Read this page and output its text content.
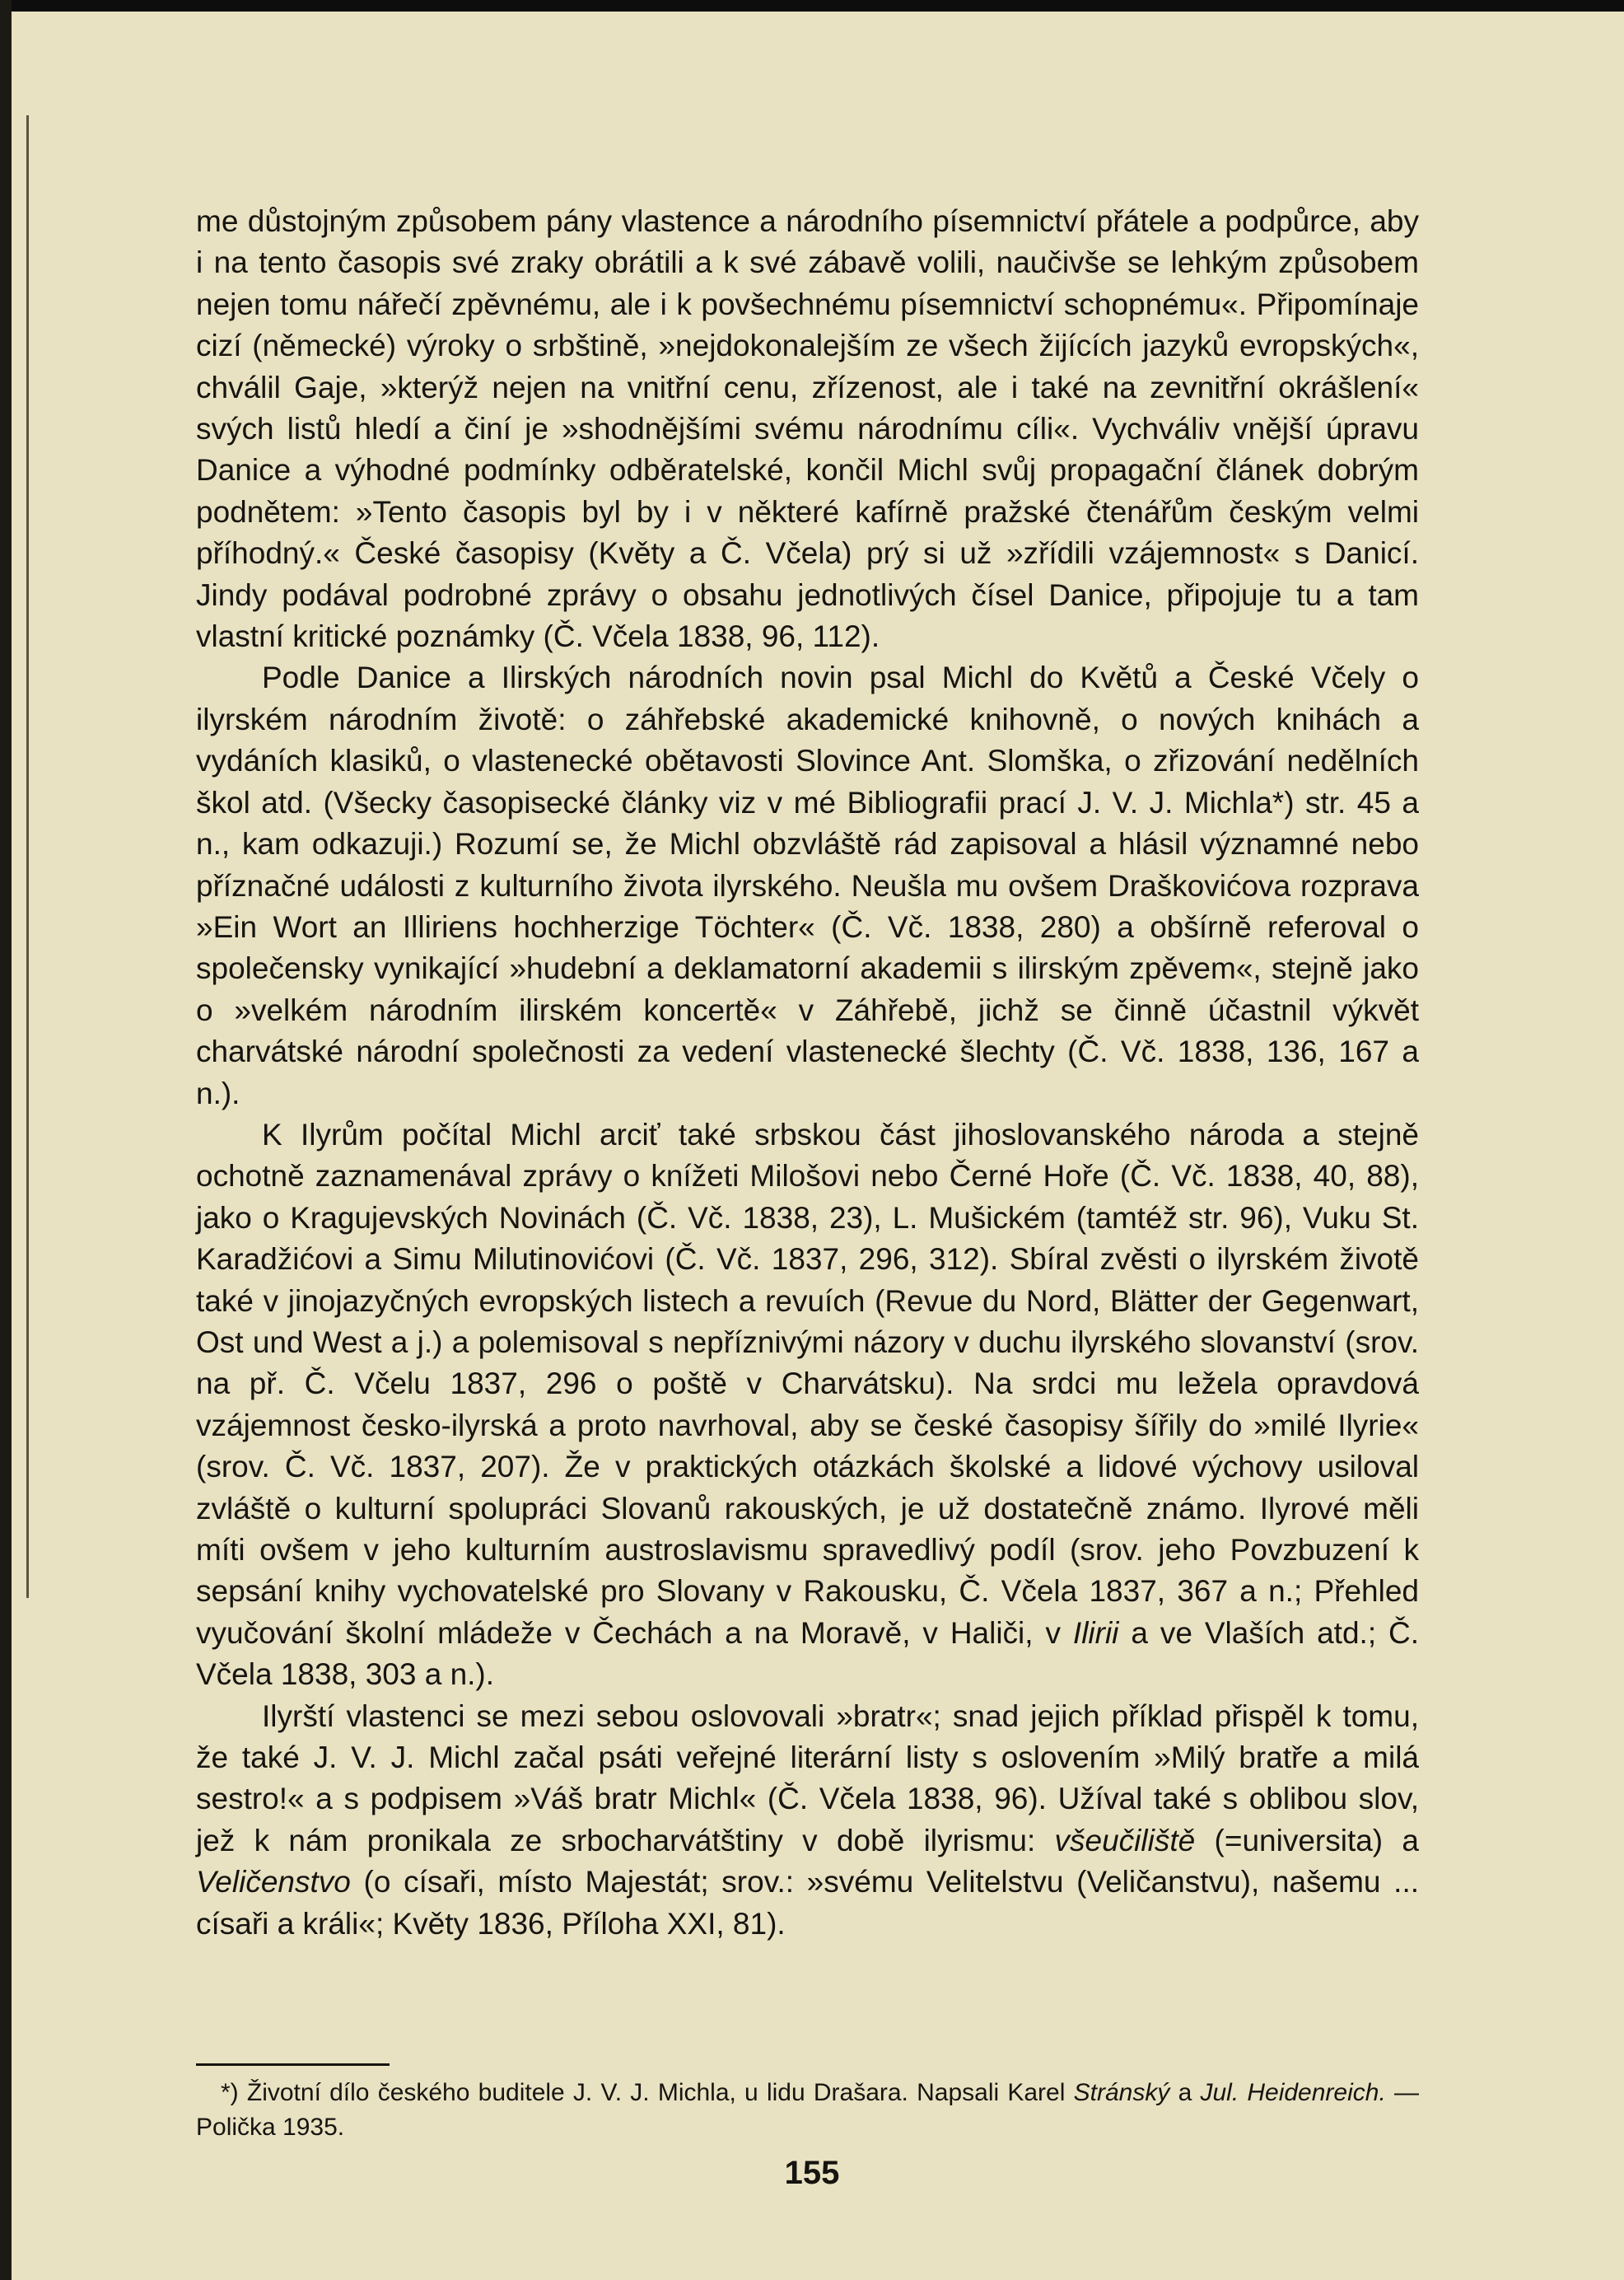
me důstojným způsobem pány vlastence a národního písemnictví přátele a podpůrce, aby i na tento časopis své zraky obrátili a k své zábavě volili, naučivše se lehkým způsobem nejen tomu nářečí zpěvnému, ale i k povšechnému písemnictví schopnému«. Připomínaje cizí (německé) výroky o srbštině, »nejdokonalejším ze všech žijících jazyků evropských«, chválil Gaje, »kterýž nejen na vnitřní cenu, zřízenost, ale i také na zevnitřní okrášlení« svých listů hledí a činí je »shodnějšími svému národnímu cíli«. Vychváliv vnější úpravu Danice a výhodné podmínky odběratelské, končil Michl svůj propagační článek dobrým podnětem: »Tento časopis byl by i v některé kafírně pražské čtenářům českým velmi příhodný.« České časopisy (Květy a Č. Včela) prý si už »zřídili vzájemnost« s Danicí. Jindy podával podrobné zprávy o obsahu jednotlivých čísel Danice, připojuje tu a tam vlastní kritické poznámky (Č. Včela 1838, 96, 112).

Podle Danice a Ilirských národních novin psal Michl do Květů a České Včely o ilyrském národním životě: o záhřebské akademické knihovně, o nových knihách a vydáních klasiků, o vlastenecké obětavosti Slovince Ant. Slomška, o zřizování nedělních škol atd. (Všecky časopisecké články viz v mé Bibliografii prací J. V. J. Michla*) str. 45 a n., kam odkazuji.) Rozumí se, že Michl obzvláště rád zapisoval a hlásil významné nebo příznačné události z kulturního života ilyrského. Neušla mu ovšem Draškovićova rozprava »Ein Wort an Illiriens hochherzige Töchter« (Č. Vč. 1838, 280) a obšírně referoval o společensky vynikající »hudební a deklamatorní akademii s ilirským zpěvem«, stejně jako o »velkém národním ilirském koncertě« v Záhřebě, jichž se činně účastnil výkvět charvátské národní společnosti za vedení vlastenecké šlechty (Č. Vč. 1838, 136, 167 a n.).

K Ilyrům počítal Michl arciť také srbskou část jihoslovanského národa a stejně ochotně zaznamenával zprávy o knížeti Milošovi nebo Černé Hoře (Č. Vč. 1838, 40, 88), jako o Kragujevských Novinách (Č. Vč. 1838, 23), L. Mušickém (tamtéž str. 96), Vuku St. Karadžićovi a Simu Milutinovićovi (Č. Vč. 1837, 296, 312). Sbíral zvěsti o ilyrském životě také v jinojazyčných evropských listech a revuích (Revue du Nord, Blätter der Gegenwart, Ost und West a j.) a polemisoval s nepříznivými názory v duchu ilyrského slovanství (srov. na př. Č. Včelu 1837, 296 o poště v Charvátsku). Na srdci mu ležela opravdová vzájemnost česko-ilyrská a proto navrhoval, aby se české časopisy šířily do »milé Ilyrie« (srov. Č. Vč. 1837, 207). Že v praktických otázkách školské a lidové výchovy usiloval zvláště o kulturní spolupráci Slovanů rakouských, je už dostatečně známo. Ilyrové měli míti ovšem v jeho kulturním austroslavismu spravedlivý podíl (srov. jeho Povzbuzení k sepsání knihy vychovatelské pro Slovany v Rakousku, Č. Včela 1837, 367 a n.; Přehled vyučování školní mládeže v Čechách a na Moravě, v Haliči, v Ilirii a ve Vlaších atd.; Č. Včela 1838, 303 a n.).

Ilyrští vlastenci se mezi sebou oslovovali »bratr«; snad jejich příklad přispěl k tomu, že také J. V. J. Michl začal psáti veřejné literární listy s oslovením »Milý bratře a milá sestro!« a s podpisem »Váš bratr Michl« (Č. Včela 1838, 96). Užíval také s oblibou slov, jež k nám pronikala ze srbocharvátštiny v době ilyrismu: všeučiliště (=universita) a Veličenstvo (o císaři, místo Majestát; srov.: »svému Velitelstvu (Veličanstvu), našemu ... císaři a králi«; Květy 1836, Příloha XXI, 81).

*) Životní dílo českého buditele J. V. J. Michla, u lidu Drašara. Napsali Karel Stránský a Jul. Heidenreich. — Polička 1935.
155
